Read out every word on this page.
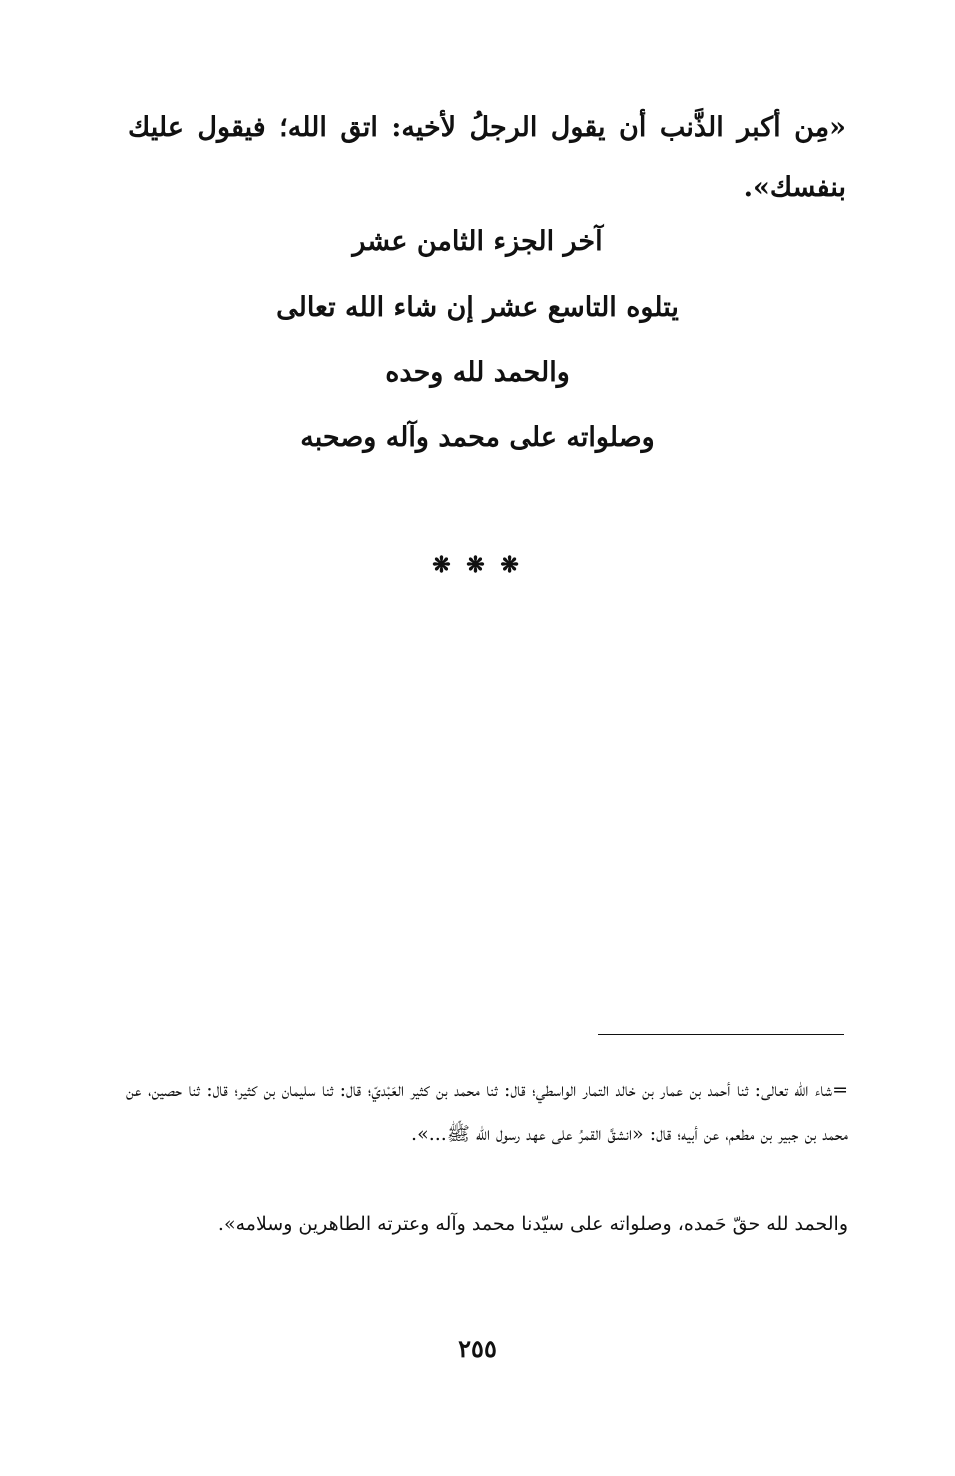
«مِن أكبر الذَّنب أن يقول الرجلُ لأخيه: اتق الله؛ فيقول عليك بنفسك».
آخر الجزء الثامن عشر
يتلوه التاسع عشر إن شاء الله تعالى
والحمد لله وحده
وصلواته على محمد وآله وصحبه
❋ ❋ ❋
=شاء الله تعالى: ثنا أحمد بن عمار بن خالد التمار الواسطي؛ قال: ثنا محمد بن كثير العَبْديّ؛ قال: ثنا سليمان بن كثير؛ قال: ثنا حصين، عن محمد بن جبير بن مطعم، عن أبيه؛ قال: «انشقَّ القمرُ على عهد رسول الله ﷺ...».
والحمد لله حقّ حَمده، وصلواته على سيّدنا محمد وآله وعترته الطاهرين وسلامه».
٢٥٥
